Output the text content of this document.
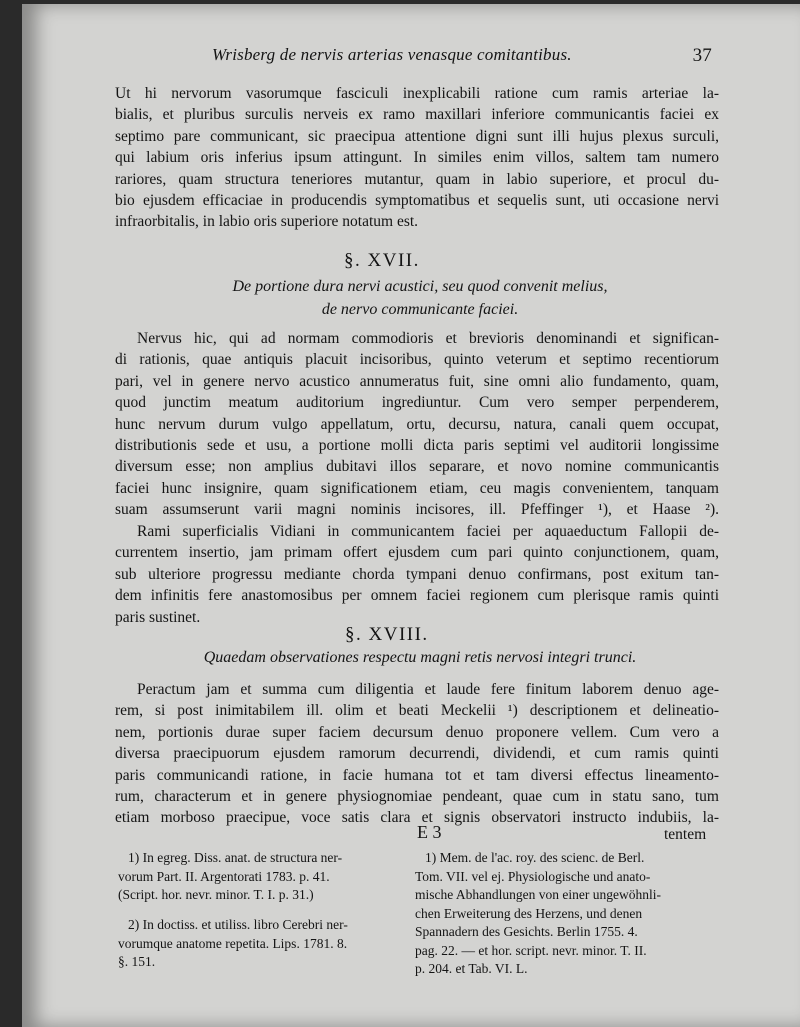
Wrisberg de nervis arterias venasque comitantibus.	37
Ut hi nervorum vasorumque fasciculi inexplicabili ratione cum ramis arteriae la-
bialis, et pluribus surculis nerveis ex ramo maxillari inferiore communicantis faciei ex
septimo pare communicant, sic praecipua attentione digni sunt illi hujus plexus surculi,
qui labium oris inferius ipsum attingunt. In similes enim villos, saltem tam numero
rariores, quam structura teneriores mutantur, quam in labio superiore, et procul du-
bio ejusdem efficaciae in producendis symptomatibus et sequelis sunt, uti occasione nervi
infraorbitalis, in labio oris superiore notatum est.
§. XVII.
De portione dura nervi acustici, seu quod convenit melius,
de nervo communicante faciei.
Nervus hic, qui ad normam commodioris et brevioris denominandi et significan-
di rationis, quae antiquis placuit incisoribus, quinto veterum et septimo recentiorum
pari, vel in genere nervo acustico annumeratus fuit, sine omni alio fundamento, quam,
quod junctim meatum auditorium ingrediuntur. Cum vero semper perpenderem,
hunc nervum durum vulgo appellatum, ortu, decursu, natura, canali quem occupat,
distributionis sede et usu, a portione molli dicta paris septimi vel auditorii longissime
diversum esse; non amplius dubitavi illos separare, et novo nomine communicantis
faciei hunc insignire, quam significationem etiam, ceu magis convenientem, tanquam
suam assumserunt varii magni nominis incisores, ill. Pfeffinger ¹), et Haase ²).
Rami superficialis Vidiani in communicantem faciei per aquaeductum Fallopii de-
currentem insertio, jam primam offert ejusdem cum pari quinto conjunctionem, quam,
sub ulteriore progressu mediante chorda tympani denuo confirmans, post exitum tan-
dem infinitis fere anastomosibus per omnem faciei regionem cum plerisque ramis quinti
paris sustinet.
§. XVIII.
Quaedam observationes respectu magni retis nervosi integri trunci.
Peractum jam et summa cum diligentia et laude fere finitum laborem denuo age-
rem, si post inimitabilem ill. olim et beati Meckelii ¹) descriptionem et delineatio-
nem, portionis durae super faciem decursum denuo proponere vellem. Cum vero a
diversa praecipuorum ejusdem ramorum decurrendi, dividendi, et cum ramis quinti
paris communicandi ratione, in facie humana tot et tam diversi effectus lineamento-
rum, characterum et in genere physiognomiae pendeant, quae cum in statu sano, tum
etiam morboso praecipue, voce satis clara et signis observatori instructo indubiis, la-
E 3	tentem
1) In egreg. Diss. anat. de structura ner-
vorum Part. II. Argentorati 1783. p. 41.
(Script. hor. nevr. minor. T. I. p. 31.)
2) In doctiss. et utiliss. libro Cerebri ner-
vorumque anatome repetita. Lips. 1781. 8.
§. 151.
1) Mem. de l'ac. roy. des scienc. de Berl.
Tom. VII. vel ej. Physiologische und anato-
mische Abhandlungen von einer ungewöhnli-
chen Erweiterung des Herzens, und denen
Spannadern des Gesichts. Berlin 1755. 4.
pag. 22. — et hor. script. nevr. minor. T. II.
p. 204. et Tab. VI. L.
